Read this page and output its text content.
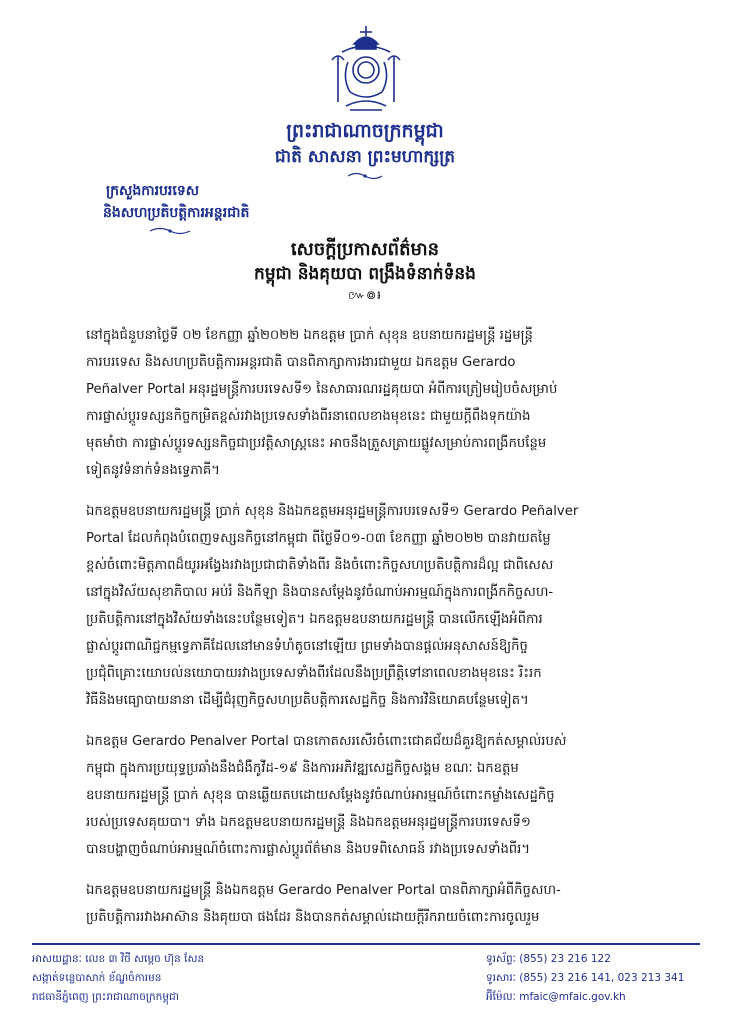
ព្រះរាជាណាចក្រកម្ពុជា
ជាតិ សាសនា ព្រះមហាក្សត្រ
ក្រសួងការបរទេស
និងសហប្រតិបត្តិការអន្តរជាតិ
សេចក្តីប្រកាសព័ត៌មាន
កម្ពុជា និងគុយបា ពង្រឹងទំនាក់ទំនង
៚៙៛
នៅក្នុងជំនួបនាថ្ងៃទី ០២ ខែកញ្ញា ឆ្នាំ២០២២ ឯកឧត្តម ប្រាក់ សុខុន ឧបនាយករដ្ឋមន្ត្រី រដ្ឋមន្ត្រី
ការបរទេស និងសហប្រតិបត្តិការអន្តរជាតិ បានពិភាក្សាការងារជាមួយ ឯកឧត្តម Gerardo
Peñalver Portal អនុរដ្ឋមន្ត្រីការបរទេសទី១ នៃសាធារណរដ្ឋគុយបា អំពីការត្រៀមរៀបចំសម្រាប់
ការផ្លាស់ប្តូរទស្សនកិច្ចកម្រិតខ្ពស់រវាងប្រទេសទាំងពីរនាពេលខាងមុខនេះ ជាមួយក្តីពឹងទុកយ៉ាង
មុតមាំថា ការផ្លាស់ប្តូរទស្សនកិច្ចជាប្រវត្តិសាស្ត្រនេះ អាចនឹងត្រួសត្រាយផ្លូវសម្រាប់ការពង្រីកបន្ថែម
ទៀតនូវទំនាក់ទំនងទ្វេភាគី។
ឯកឧត្តមឧបនាយករដ្ឋមន្ត្រី ប្រាក់ សុខុន និងឯកឧត្តមអនុរដ្ឋមន្ត្រីការបរទេសទី១ Gerardo Peñalver
Portal ដែលកំពុងបំពេញទស្សនកិច្ចនៅកម្ពុជា ពីថ្ងៃទី០១-០៣ ខែកញ្ញា ឆ្នាំ២០២២ បានវាយតម្លៃ
ខ្ពស់ចំពោះមិត្តភាពដ៏យូរអង្វែងរវាងប្រជាជាតិទាំងពីរ និងចំពោះកិច្ចសហប្រតិបត្តិការដ៏ល្អ ជាពិសេស
នៅក្នុងវិស័យសុខាភិបាល អប់រំ និងកីឡា និងបានសម្តែងនូវចំណាប់អារម្មណ៍ក្នុងការពង្រីកកិច្ចសហ-
ប្រតិបត្តិការនៅក្នុងវិស័យទាំងនេះបន្ថែមទៀត។ ឯកឧត្តមឧបនាយករដ្ឋមន្ត្រី បានលើកឡើងអំពីការ
ផ្លាស់ប្តូរពាណិជ្ជកម្មទ្វេភាគីដែលនៅមានទំហំតូចនៅឡើយ ព្រមទាំងបានផ្តល់អនុសាសន៍ឱ្យកិច្ច
ប្រជុំពិគ្រោះយោបល់នយោបាយរវាងប្រទេសទាំងពីរដែលនឹងប្រព្រឹត្តិទៅនាពេលខាងមុខនេះ រិះរក
វិធីនិងមធ្យោបាយនានា ដើម្បីជំរុញកិច្ចសហប្រតិបត្តិការសេដ្ឋកិច្ច និងការវិនិយោគបន្ថែមទៀត។
ឯកឧត្តម Gerardo Penalver Portal បានកោតសរសើរចំពោះជោគជ័យដ៏គួរឱ្យកត់សម្គាល់របស់
កម្ពុជា ក្នុងការប្រយុទ្ធប្រឆាំងនឹងជំងឺកូវីដ-១៩ និងការអភិវឌ្ឍសេដ្ឋកិច្ចសង្គម ខណៈ ឯកឧត្តម
ឧបនាយករដ្ឋមន្ត្រី ប្រាក់ សុខុន បានឆ្លើយតបដោយសម្តែងនូវចំណាប់អារម្មណ៍ចំពោះកម្លាំងសេដ្ឋកិច្ច
របស់ប្រទេសគុយបា។ ទាំង ឯកឧត្តមឧបនាយករដ្ឋមន្ត្រី និងឯកឧត្តមអនុរដ្ឋមន្ត្រីការបរទេសទី១
បានបង្ហាញចំណាប់អារម្មណ៍ចំពោះការផ្លាស់ប្តូរព័ត៌មាន និងបទពិសោធន៍ រវាងប្រទេសទាំងពីរ។
ឯកឧត្តមឧបនាយករដ្ឋមន្ត្រី និងឯកឧត្តម Gerardo Penalver Portal បានពិភាក្សាអំពីកិច្ចសហ-
ប្រតិបត្តិការរវាងអាស៊ាន និងគុយបា ផងដែរ និងបានកត់សម្គាល់ដោយក្តីរីករាយចំពោះការចូលរួម
អាសយដ្ឋានៈ លេខ ៣ វិថី សម្តេច ហ៊ុន សែន
សង្កាត់ទន្លេបាសាក់ ខ័ណ្ឌចំការមន
រាជធានីភ្នំពេញ ព្រះរាជាណាចក្រកម្ពុជា
ទូរស័ព្ទៈ (855) 23 216 122
ទូរសារៈ (855) 23 216 141, 023 213 341
អ៊ីម៉ែលៈ mfaic@mfaic.gov.kh
